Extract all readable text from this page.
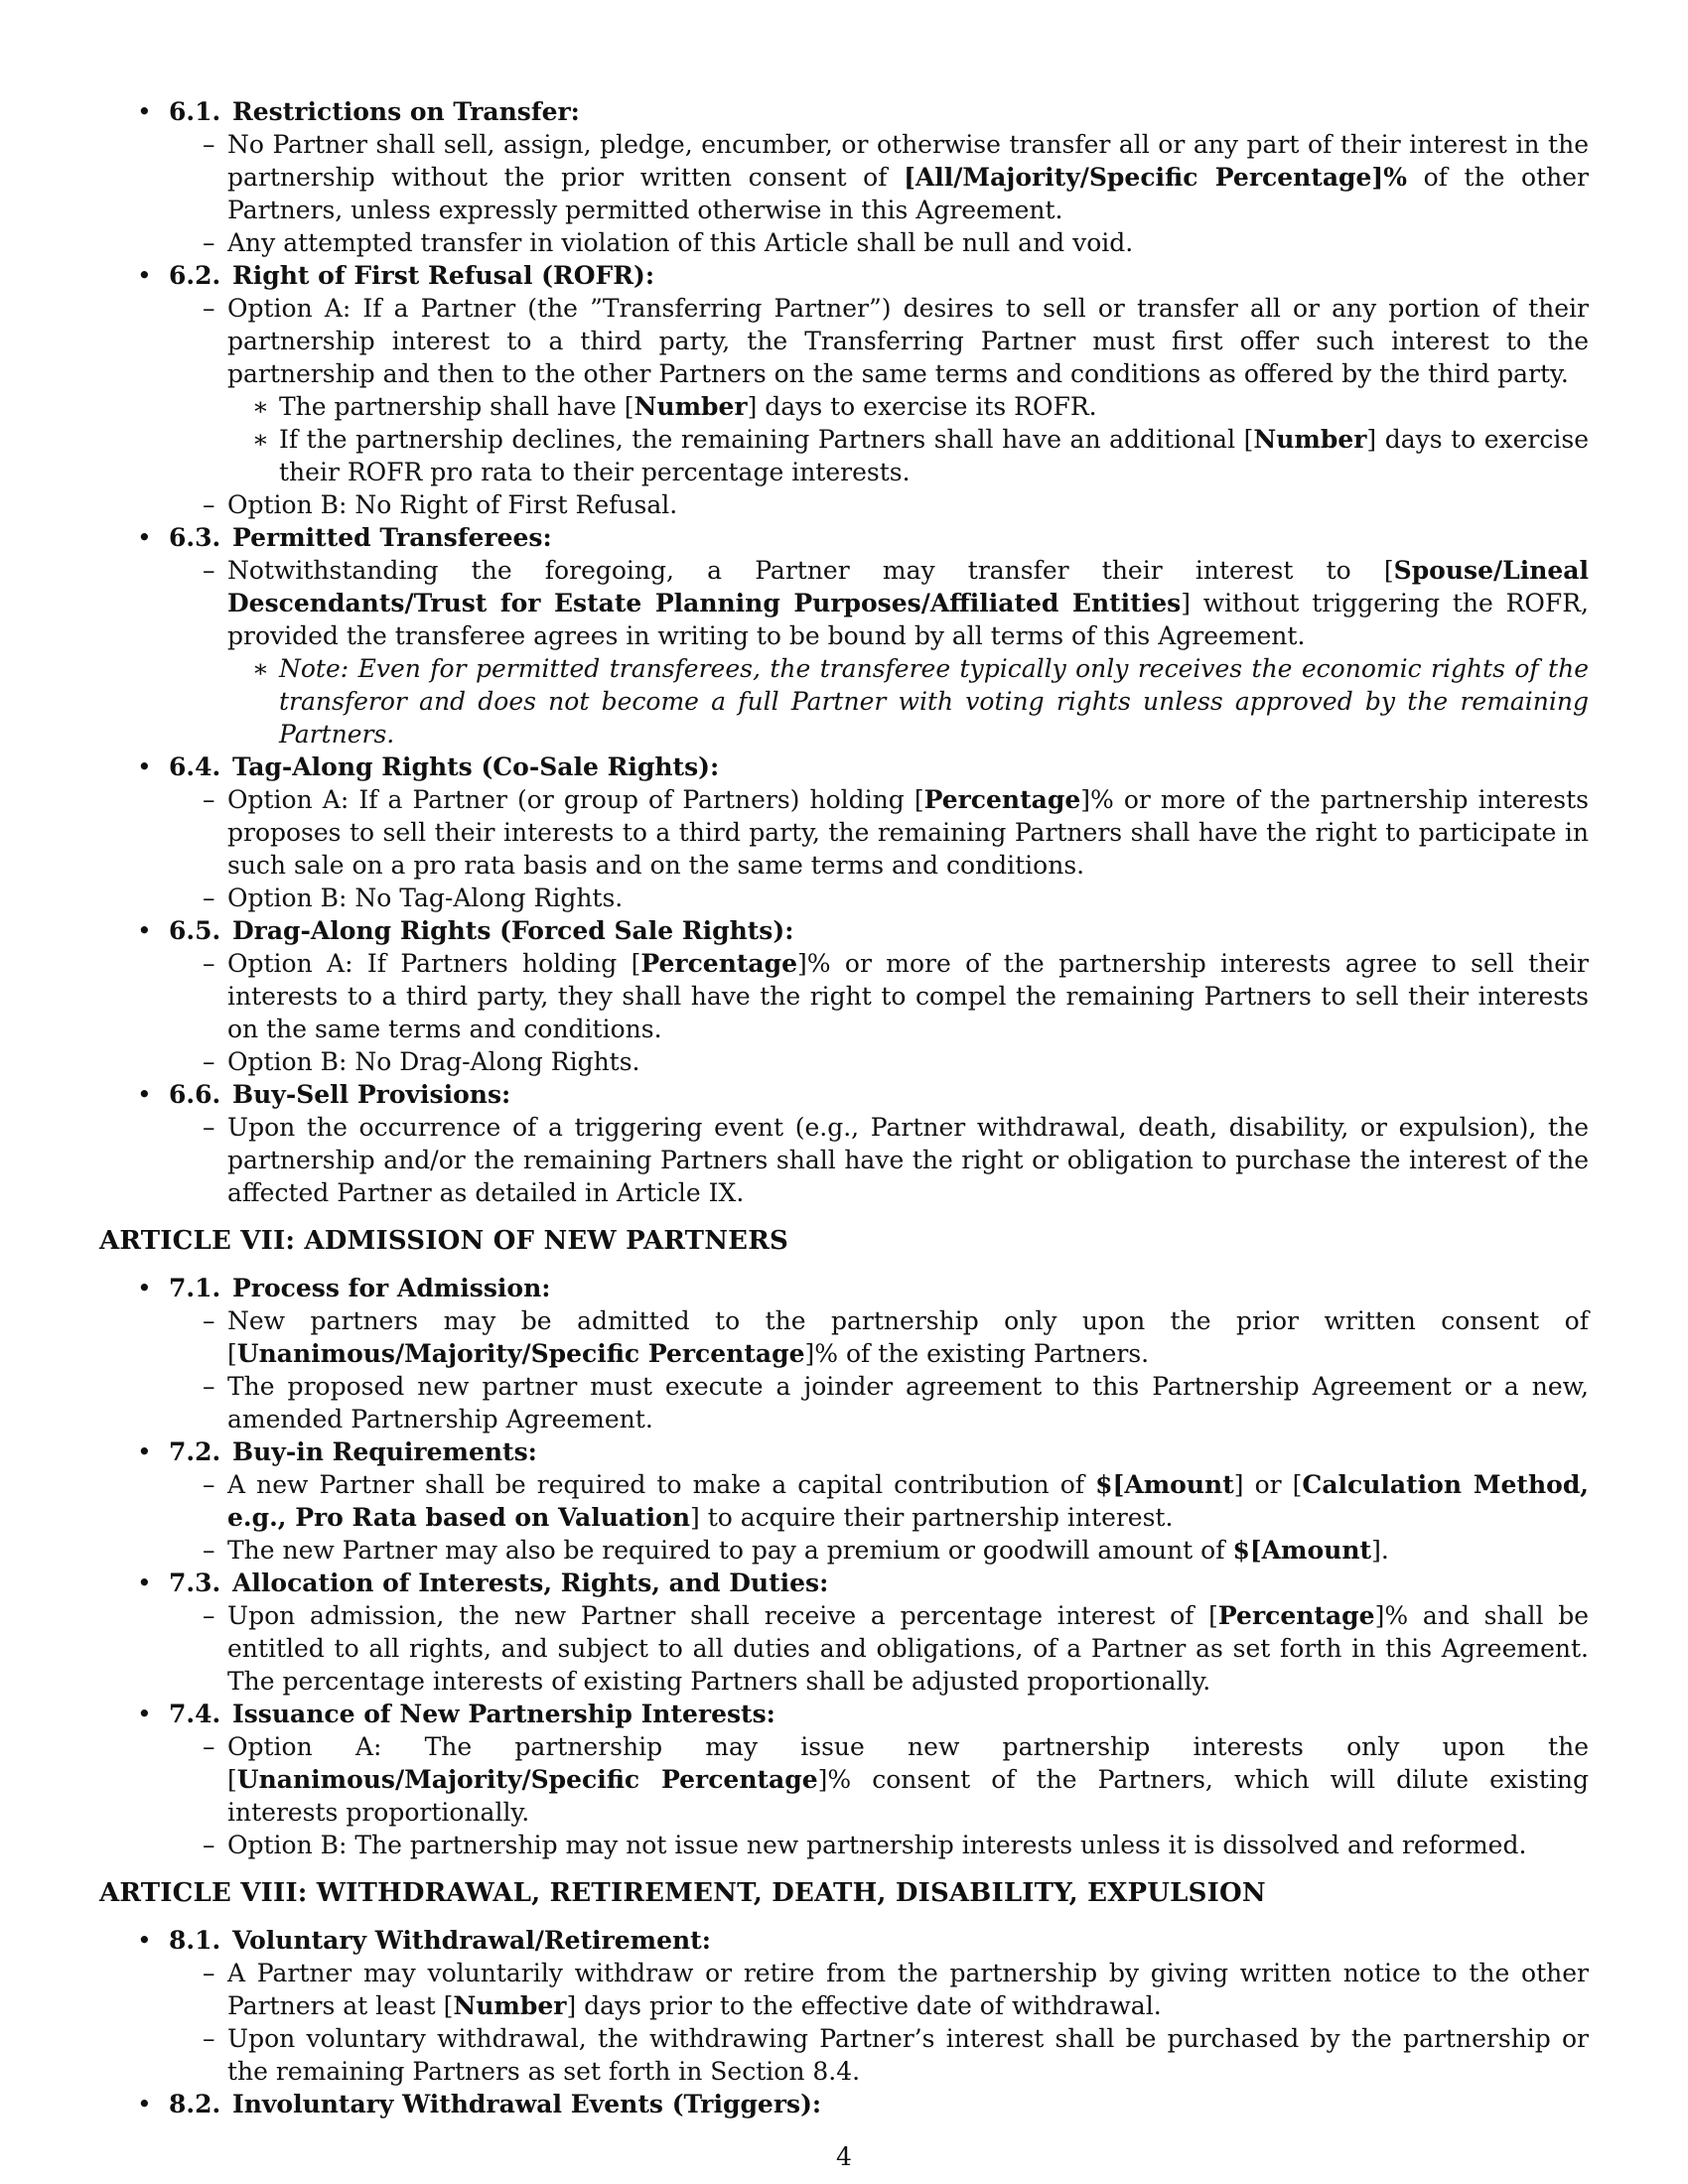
• 6.1. Restrictions on Transfer:
– No Partner shall sell, assign, pledge, encumber, or otherwise transfer all or any part of their interest in the partnership without the prior written consent of [All/Majority/Specific Percentage]% of the other Partners, unless expressly permitted otherwise in this Agreement.
– Any attempted transfer in violation of this Article shall be null and void.
• 6.2. Right of First Refusal (ROFR):
– Option A: If a Partner (the ”Transferring Partner”) desires to sell or transfer all or any portion of their partnership interest to a third party, the Transferring Partner must first offer such interest to the partnership and then to the other Partners on the same terms and conditions as offered by the third party.
∗ The partnership shall have [Number] days to exercise its ROFR.
∗ If the partnership declines, the remaining Partners shall have an additional [Number] days to exercise their ROFR pro rata to their percentage interests.
– Option B: No Right of First Refusal.
• 6.3. Permitted Transferees:
– Notwithstanding the foregoing, a Partner may transfer their interest to [Spouse/Lineal Descendants/Trust for Estate Planning Purposes/Affiliated Entities] without triggering the ROFR, provided the transferee agrees in writing to be bound by all terms of this Agreement.
∗ Note: Even for permitted transferees, the transferee typically only receives the economic rights of the transferor and does not become a full Partner with voting rights unless approved by the remaining Partners.
• 6.4. Tag-Along Rights (Co-Sale Rights):
– Option A: If a Partner (or group of Partners) holding [Percentage]% or more of the partnership interests proposes to sell their interests to a third party, the remaining Partners shall have the right to participate in such sale on a pro rata basis and on the same terms and conditions.
– Option B: No Tag-Along Rights.
• 6.5. Drag-Along Rights (Forced Sale Rights):
– Option A: If Partners holding [Percentage]% or more of the partnership interests agree to sell their interests to a third party, they shall have the right to compel the remaining Partners to sell their interests on the same terms and conditions.
– Option B: No Drag-Along Rights.
• 6.6. Buy-Sell Provisions:
– Upon the occurrence of a triggering event (e.g., Partner withdrawal, death, disability, or expulsion), the partnership and/or the remaining Partners shall have the right or obligation to purchase the interest of the affected Partner as detailed in Article IX.
ARTICLE VII: ADMISSION OF NEW PARTNERS
• 7.1. Process for Admission:
– New partners may be admitted to the partnership only upon the prior written consent of [Unanimous/Majority/Specific Percentage]% of the existing Partners.
– The proposed new partner must execute a joinder agreement to this Partnership Agreement or a new, amended Partnership Agreement.
• 7.2. Buy-in Requirements:
– A new Partner shall be required to make a capital contribution of $[Amount] or [Calculation Method, e.g., Pro Rata based on Valuation] to acquire their partnership interest.
– The new Partner may also be required to pay a premium or goodwill amount of $[Amount].
• 7.3. Allocation of Interests, Rights, and Duties:
– Upon admission, the new Partner shall receive a percentage interest of [Percentage]% and shall be entitled to all rights, and subject to all duties and obligations, of a Partner as set forth in this Agreement. The percentage interests of existing Partners shall be adjusted proportionally.
• 7.4. Issuance of New Partnership Interests:
– Option A: The partnership may issue new partnership interests only upon the [Unanimous/Majority/Specific Percentage]% consent of the Partners, which will dilute existing interests proportionally.
– Option B: The partnership may not issue new partnership interests unless it is dissolved and reformed.
ARTICLE VIII: WITHDRAWAL, RETIREMENT, DEATH, DISABILITY, EXPULSION
• 8.1. Voluntary Withdrawal/Retirement:
– A Partner may voluntarily withdraw or retire from the partnership by giving written notice to the other Partners at least [Number] days prior to the effective date of withdrawal.
– Upon voluntary withdrawal, the withdrawing Partner’s interest shall be purchased by the partnership or the remaining Partners as set forth in Section 8.4.
• 8.2. Involuntary Withdrawal Events (Triggers):
4
